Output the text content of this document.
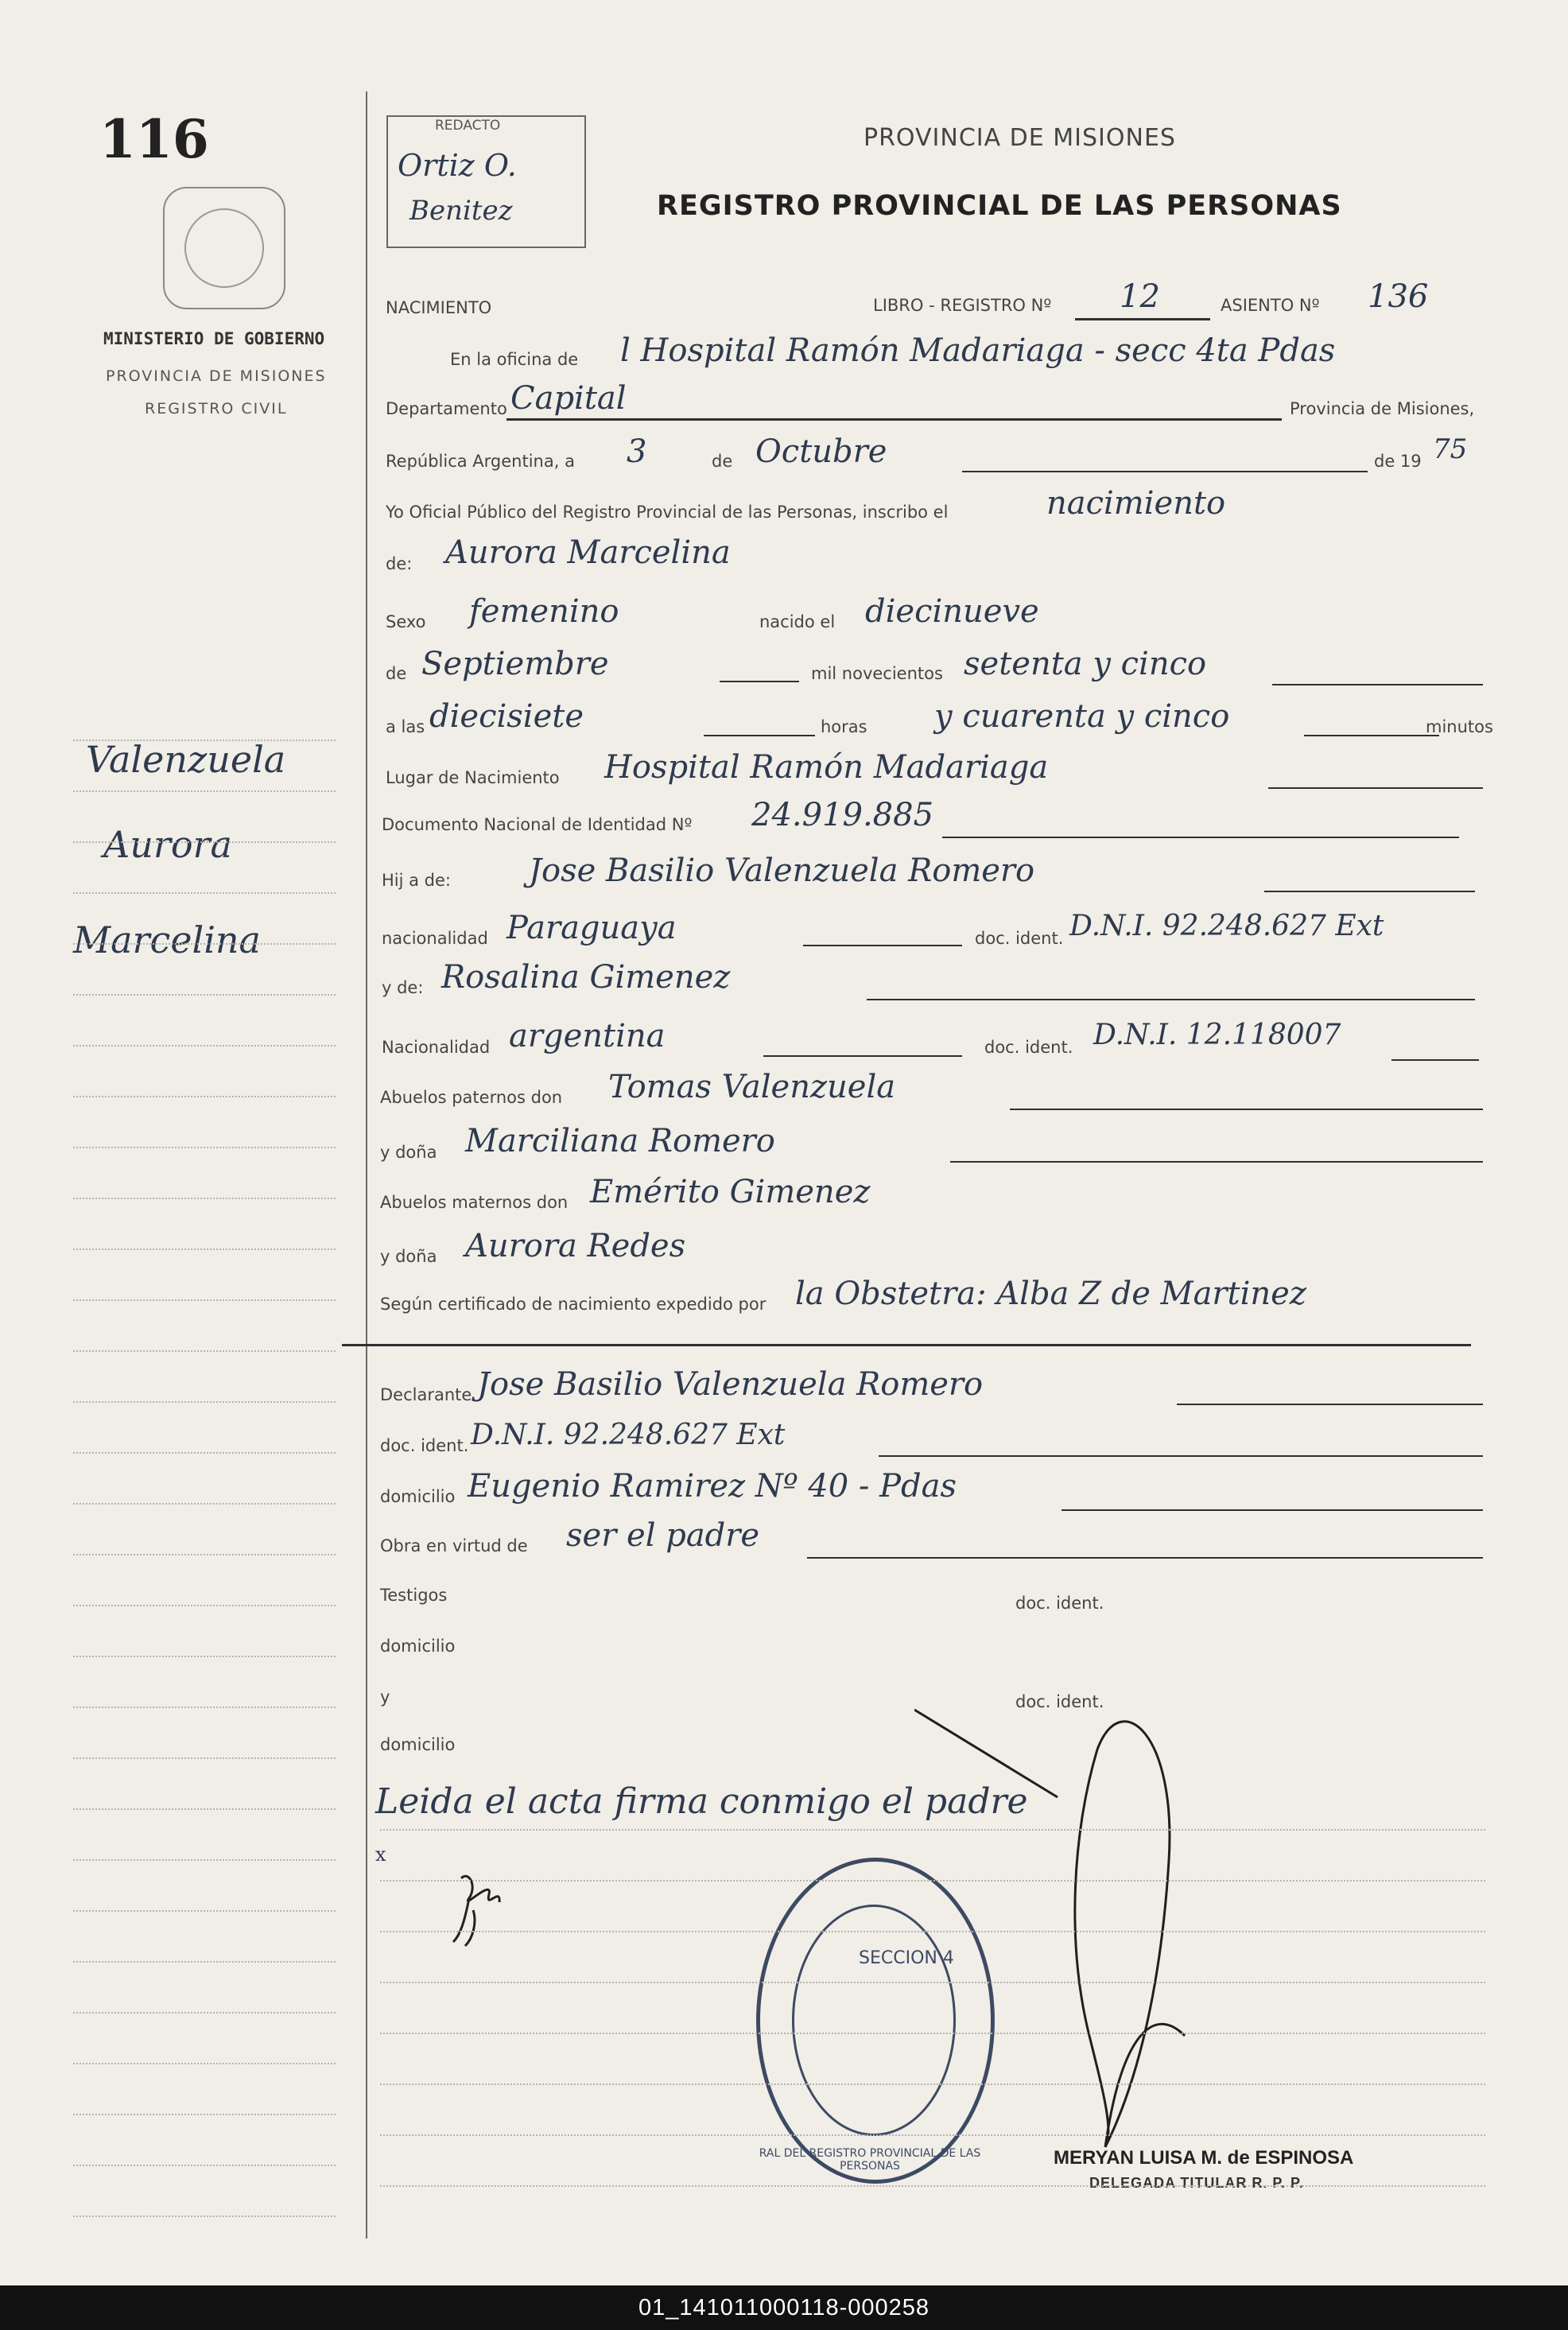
116
MINISTERIO DE GOBIERNO
PROVINCIA DE MISIONES
REGISTRO CIVIL
Valenzuela
Aurora
Marcelina
REDACTO
Ortiz O.
Benitez
PROVINCIA DE MISIONES
REGISTRO PROVINCIAL DE LAS PERSONAS
NACIMIENTO	LIBRO - REGISTRO Nº 12	ASIENTO Nº 136
En la oficina de l Hospital Ramón Madariaga - secc 4ta Pdas
Departamento Capital	Provincia de Misiones,
República Argentina, a 3	de Octubre	de 19 75
Yo Oficial Público del Registro Provincial de las Personas, inscribo el	nacimiento
de: Aurora Marcelina
Sexo femenino	nacido el diecinueve
de Septiembre	mil novecientos setenta y cinco
a las diecisiete	horas y cuarenta y cinco	minutos
Lugar de Nacimiento Hospital Ramón Madariaga
Documento Nacional de Identidad Nº 24.919.885
Hij a de: Jose Basilio Valenzuela Romero
nacionalidad Paraguaya	doc. ident. D.N.I. 92.248.627 Ext
y de: Rosalina Gimenez
Nacionalidad argentina	doc. ident. D.N.I. 12.118007
Abuelos paternos don Tomas Valenzuela
y doña Marciliana Romero
Abuelos maternos don Emérito Gimenez
y doña Aurora Redes
Según certificado de nacimiento expedido por la Obstetra: Alba Z de Martinez
Declarante Jose Basilio Valenzuela Romero
doc. ident. D.N.I. 92.248.627 Ext
domicilio Eugenio Ramirez Nº 40 - Pdas
Obra en virtud de ser el padre
Testigos	doc. ident.
domicilio
y	doc. ident.
domicilio
Leida el acta firma conmigo el padre
x
SECCION 4
RAL DEL REGISTRO PROVINCIAL DE LAS PERSONAS	MERYAN LUISA M. de ESPINOSA
DELEGADA TITULAR R. P. P.
01_141011000118-000258
